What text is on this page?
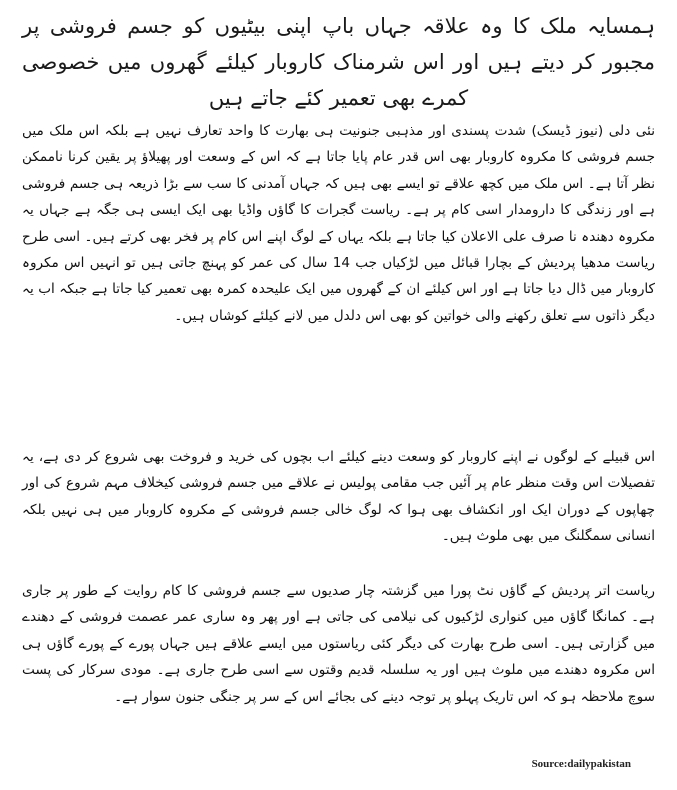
ہمسایہ ملک کا وہ علاقہ جہاں باپ اپنی بیٹیوں کو جسم فروشی پر مجبور کر دیتے ہیں اور اس شرمناک کاروبار کیلئے گھروں میں خصوصی کمرے بھی تعمیر کئے جاتے ہیں

نئی دلی (نیوز ڈیسک) شدت پسندی اور مذہبی جنونیت ہی بھارت کا واحد تعارف نہیں ہے بلکہ اس ملک میں جسم فروشی کا مکروہ کاروبار بھی اس قدر عام پایا جاتا ہے کہ اس کے وسعت اور پھیلاؤ پر یقین کرنا ناممکن نظر آتا ہے۔ اس ملک میں کچھ علاقے تو ایسے بھی ہیں کہ جہاں آمدنی کا سب سے بڑا ذریعہ ہی جسم فروشی ہے اور زندگی کا دارومدار اسی کام پر ہے۔ ریاست گجرات کا گاؤں واڈیا بھی ایک ایسی ہی جگہ ہے جہاں یہ مکروہ دھندہ نا صرف علی الاعلان کیا جاتا ہے بلکہ یہاں کے لوگ اپنے اس کام پر فخر بھی کرتے ہیں۔ اسی طرح ریاست مدھیا پردیش کے بچارا قبائل میں لڑکیاں جب 14 سال کی عمر کو پہنچ جاتی ہیں تو انہیں اس مکروہ کاروبار میں ڈال دیا جاتا ہے اور اس کیلئے ان کے گھروں میں ایک علیحدہ کمرہ بھی تعمیر کیا جاتا ہے جبکہ اب یہ دیگر ذاتوں سے تعلق رکھنے والی خواتین کو بھی اس دلدل میں لانے کیلئے کوشاں ہیں۔

اس قبیلے کے لوگوں نے اپنے کاروبار کو وسعت دینے کیلئے اب بچوں کی خرید و فروخت بھی شروع کر دی ہے، یہ تفصیلات اس وقت منظر عام پر آئیں جب مقامی پولیس نے علاقے میں جسم فروشی کیخلاف مہم شروع کی اور چھاپوں کے دوران ایک اور انکشاف بھی ہوا کہ لوگ خالی جسم فروشی کے مکروہ کاروبار میں ہی نہیں بلکہ انسانی سمگلنگ میں بھی ملوث ہیں۔

ریاست اتر پردیش کے گاؤں نٹ پورا میں گزشتہ چار صدیوں سے جسم فروشی کا کام روایت کے طور پر جاری ہے۔ کمانگا گاؤں میں کنواری لڑکیوں کی نیلامی کی جاتی ہے اور پھر وہ ساری عمر عصمت فروشی کے دھندے میں گزارتی ہیں۔ اسی طرح بھارت کی دیگر کئی ریاستوں میں ایسے علاقے ہیں جہاں پورے کے پورے گاؤں ہی اس مکروہ دھندے میں ملوث ہیں اور یہ سلسلہ قدیم وقتوں سے اسی طرح جاری ہے۔ مودی سرکار کی پست سوچ ملاحظہ ہو کہ اس تاریک پہلو پر توجہ دینے کی بجائے اس کے سر پر جنگی جنون سوار ہے۔

Source:dailypakistan
